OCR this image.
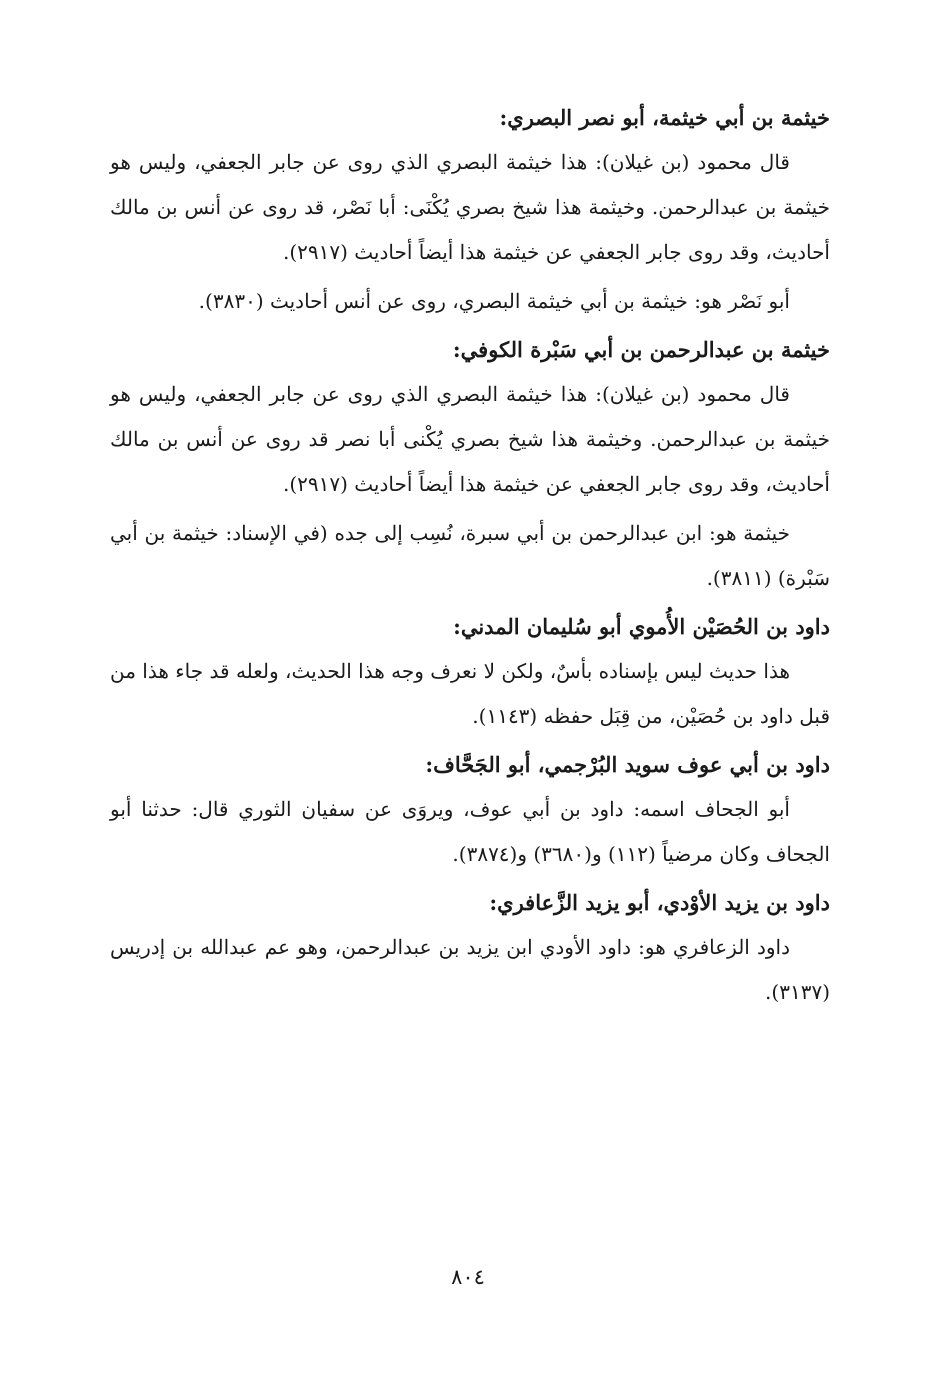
خيثمة بن أبي خيثمة، أبو نصر البصري:

قال محمود (بن غيلان): هذا خيثمة البصري الذي روى عن جابر الجعفي، وليس هو خيثمة بن عبدالرحمن. وخيثمة هذا شيخ بصري يُكْنَى: أبا نَصْر، قد روى عن أنس بن مالك أحاديث، وقد روى جابر الجعفي عن خيثمة هذا أيضاً أحاديث (٢٩١٧).

أبو نَصْر هو: خيثمة بن أبي خيثمة البصري، روى عن أنس أحاديث (٣٨٣٠).

خيثمة بن عبدالرحمن بن أبي سَبْرة الكوفي:

قال محمود (بن غيلان): هذا خيثمة البصري الذي روى عن جابر الجعفي، وليس هو خيثمة بن عبدالرحمن. وخيثمة هذا شيخ بصري يُكْنى أبا نصر قد روى عن أنس بن مالك أحاديث، وقد روى جابر الجعفي عن خيثمة هذا أيضاً أحاديث (٢٩١٧).

خيثمة هو: ابن عبدالرحمن بن أبي سبرة، نُسِب إلى جده (في الإسناد: خيثمة بن أبي سَبْرة) (٣٨١١).

داود بن الحُصَيْن الأُموي أبو سُليمان المدني:

هذا حديث ليس بإسناده بأسٌ، ولكن لا نعرف وجه هذا الحديث، ولعله قد جاء هذا من قبل داود بن حُصَيْن، من قِبَل حفظه (١١٤٣).

داود بن أبي عوف سويد البُرْجمي، أبو الجَحَّاف:

أبو الجحاف اسمه: داود بن أبي عوف، ويروَى عن سفيان الثوري قال: حدثنا أبو الجحاف وكان مرضياً (١١٢) و(٣٦٨٠) و(٣٨٧٤).

داود بن يزيد الأوْدي، أبو يزيد الزَّعافري:

داود الزعافري هو: داود الأودي ابن يزيد بن عبدالرحمن، وهو عم عبدالله بن إدريس (٣١٣٧).

٨٠٤
